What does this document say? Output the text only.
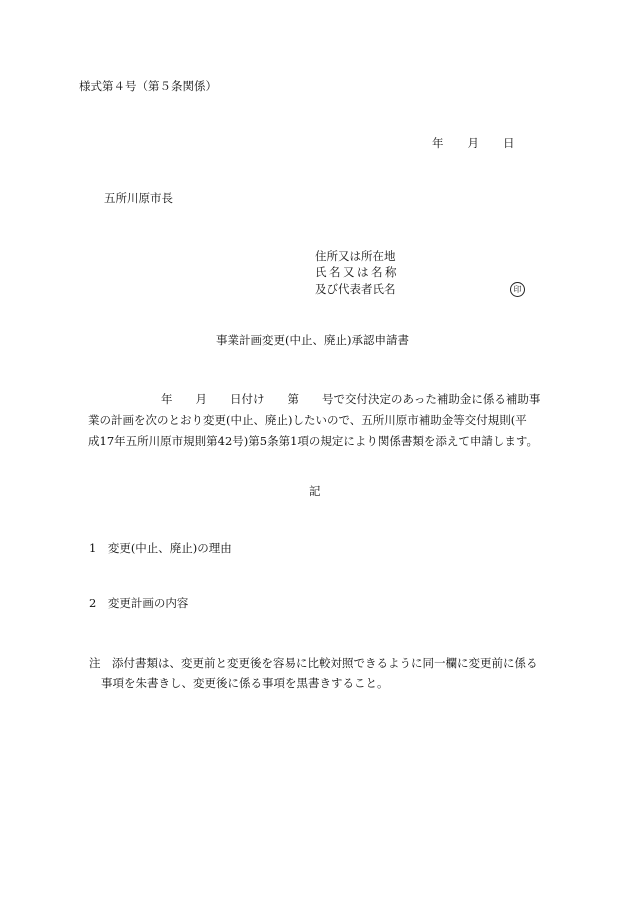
様式第４号（第５条関係）
年 月 日
五所川原市長
住所又は所在地
氏名又は名称
及び代表者氏名	印
事業計画変更(中止、廃止)承認申請書
年　　月　　日付け　　第　　号で交付決定のあった補助金に係る補助事
業の計画を次のとおり変更(中止、廃止)したいので、五所川原市補助金等交付規則(平
成17年五所川原市規則第42号)第5条第1項の規定により関係書類を添えて申請します。
記
1　変更(中止、廃止)の理由
2　変更計画の内容
注　添付書類は、変更前と変更後を容易に比較対照できるように同一欄に変更前に係る
事項を朱書きし、変更後に係る事項を黒書きすること。
